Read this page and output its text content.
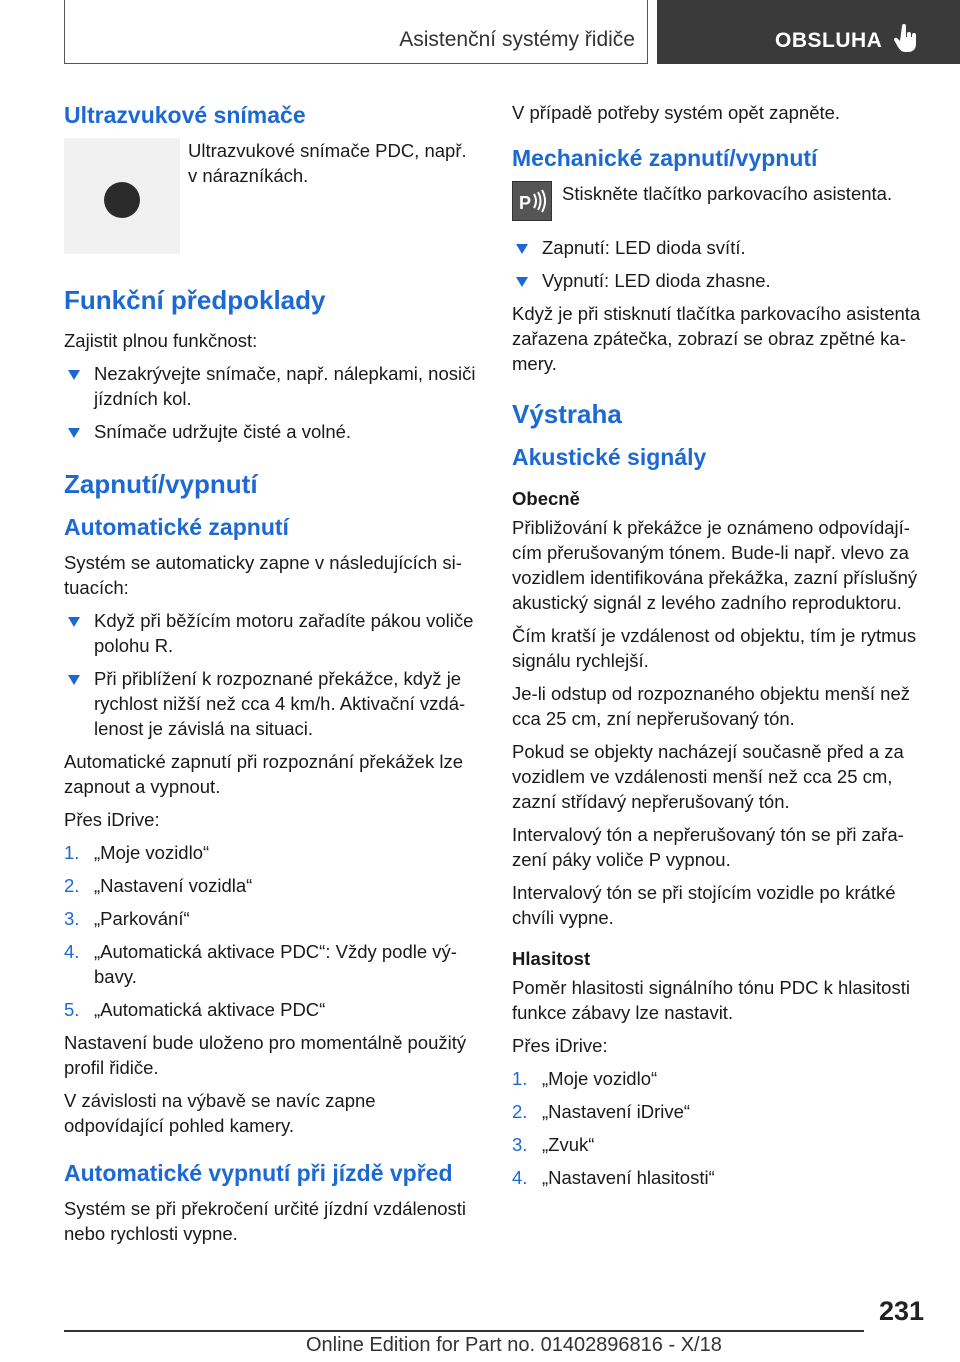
Asistenční systémy řidiče	OBSLUHA
Ultrazvukové snímače

Ultrazvukové snímače PDC, např. v nárazníkách.

Funkční předpoklady

Zajistit plnou funkčnost:

Nezakrývejte snímače, např. nálepkami, nosiči jízdních kol.
Snímače udržujte čisté a volné.
Zapnutí/vypnutí
Automatické zapnutí

Systém se automaticky zapne v následujících si-tuacích:

Když při běžícím motoru zařadíte pákou voliče polohu R.
Při přiblížení k rozpoznané překážce, když je rychlost nižší než cca 4 km/h. Aktivační vzdá-lenost je závislá na situaci.

Automatické zapnutí při rozpoznání překážek lze zapnout a vypnout.

Přes iDrive:

1. „Moje vozidlo“
2. „Nastavení vozidla“
3. „Parkování“
4. „Automatická aktivace PDC“: Vždy podle vý-bavy.
5. „Automatická aktivace PDC“

Nastavení bude uloženo pro momentálně použitý profil řidiče.

V závislosti na výbavě se navíc zapne odpovídající pohled kamery.

Automatické vypnutí při jízdě vpřed

Systém se při překročení určité jízdní vzdálenosti nebo rychlosti vypne.

V případě potřeby systém opět zapněte.

Mechanické zapnutí/vypnutí
P	Stiskněte tlačítko parkovacího asistenta.

Zapnutí: LED dioda svítí.
Vypnutí: LED dioda zhasne.

Když je při stisknutí tlačítka parkovacího asistenta zařazena zpátečka, zobrazí se obraz zpětné ka-mery.

Výstraha
Akustické signály
Obecně

Přibližování k překážce je oznámeno odpovídají-cím přerušovaným tónem. Bude-li např. vlevo za vozidlem identifikována překážka, zazní příslušný akustický signál z levého zadního reproduktoru.

Čím kratší je vzdálenost od objektu, tím je rytmus signálu rychlejší.

Je-li odstup od rozpoznaného objektu menší než cca 25 cm, zní nepřerušovaný tón.

Pokud se objekty nacházejí současně před a za vozidlem ve vzdálenosti menší než cca 25 cm, zazní střídavý nepřerušovaný tón.

Intervalový tón a nepřerušovaný tón se při zařa-zení páky voliče P vypnou.

Intervalový tón se při stojícím vozidle po krátké chvíli vypne.

Hlasitost

Poměr hlasitosti signálního tónu PDC k hlasitosti funkce zábavy lze nastavit.

Přes iDrive:

1. „Moje vozidlo“
2. „Nastavení iDrive“
3. „Zvuk“
4. „Nastavení hlasitosti“
231
Online Edition for Part no. 01402896816 - X/18
